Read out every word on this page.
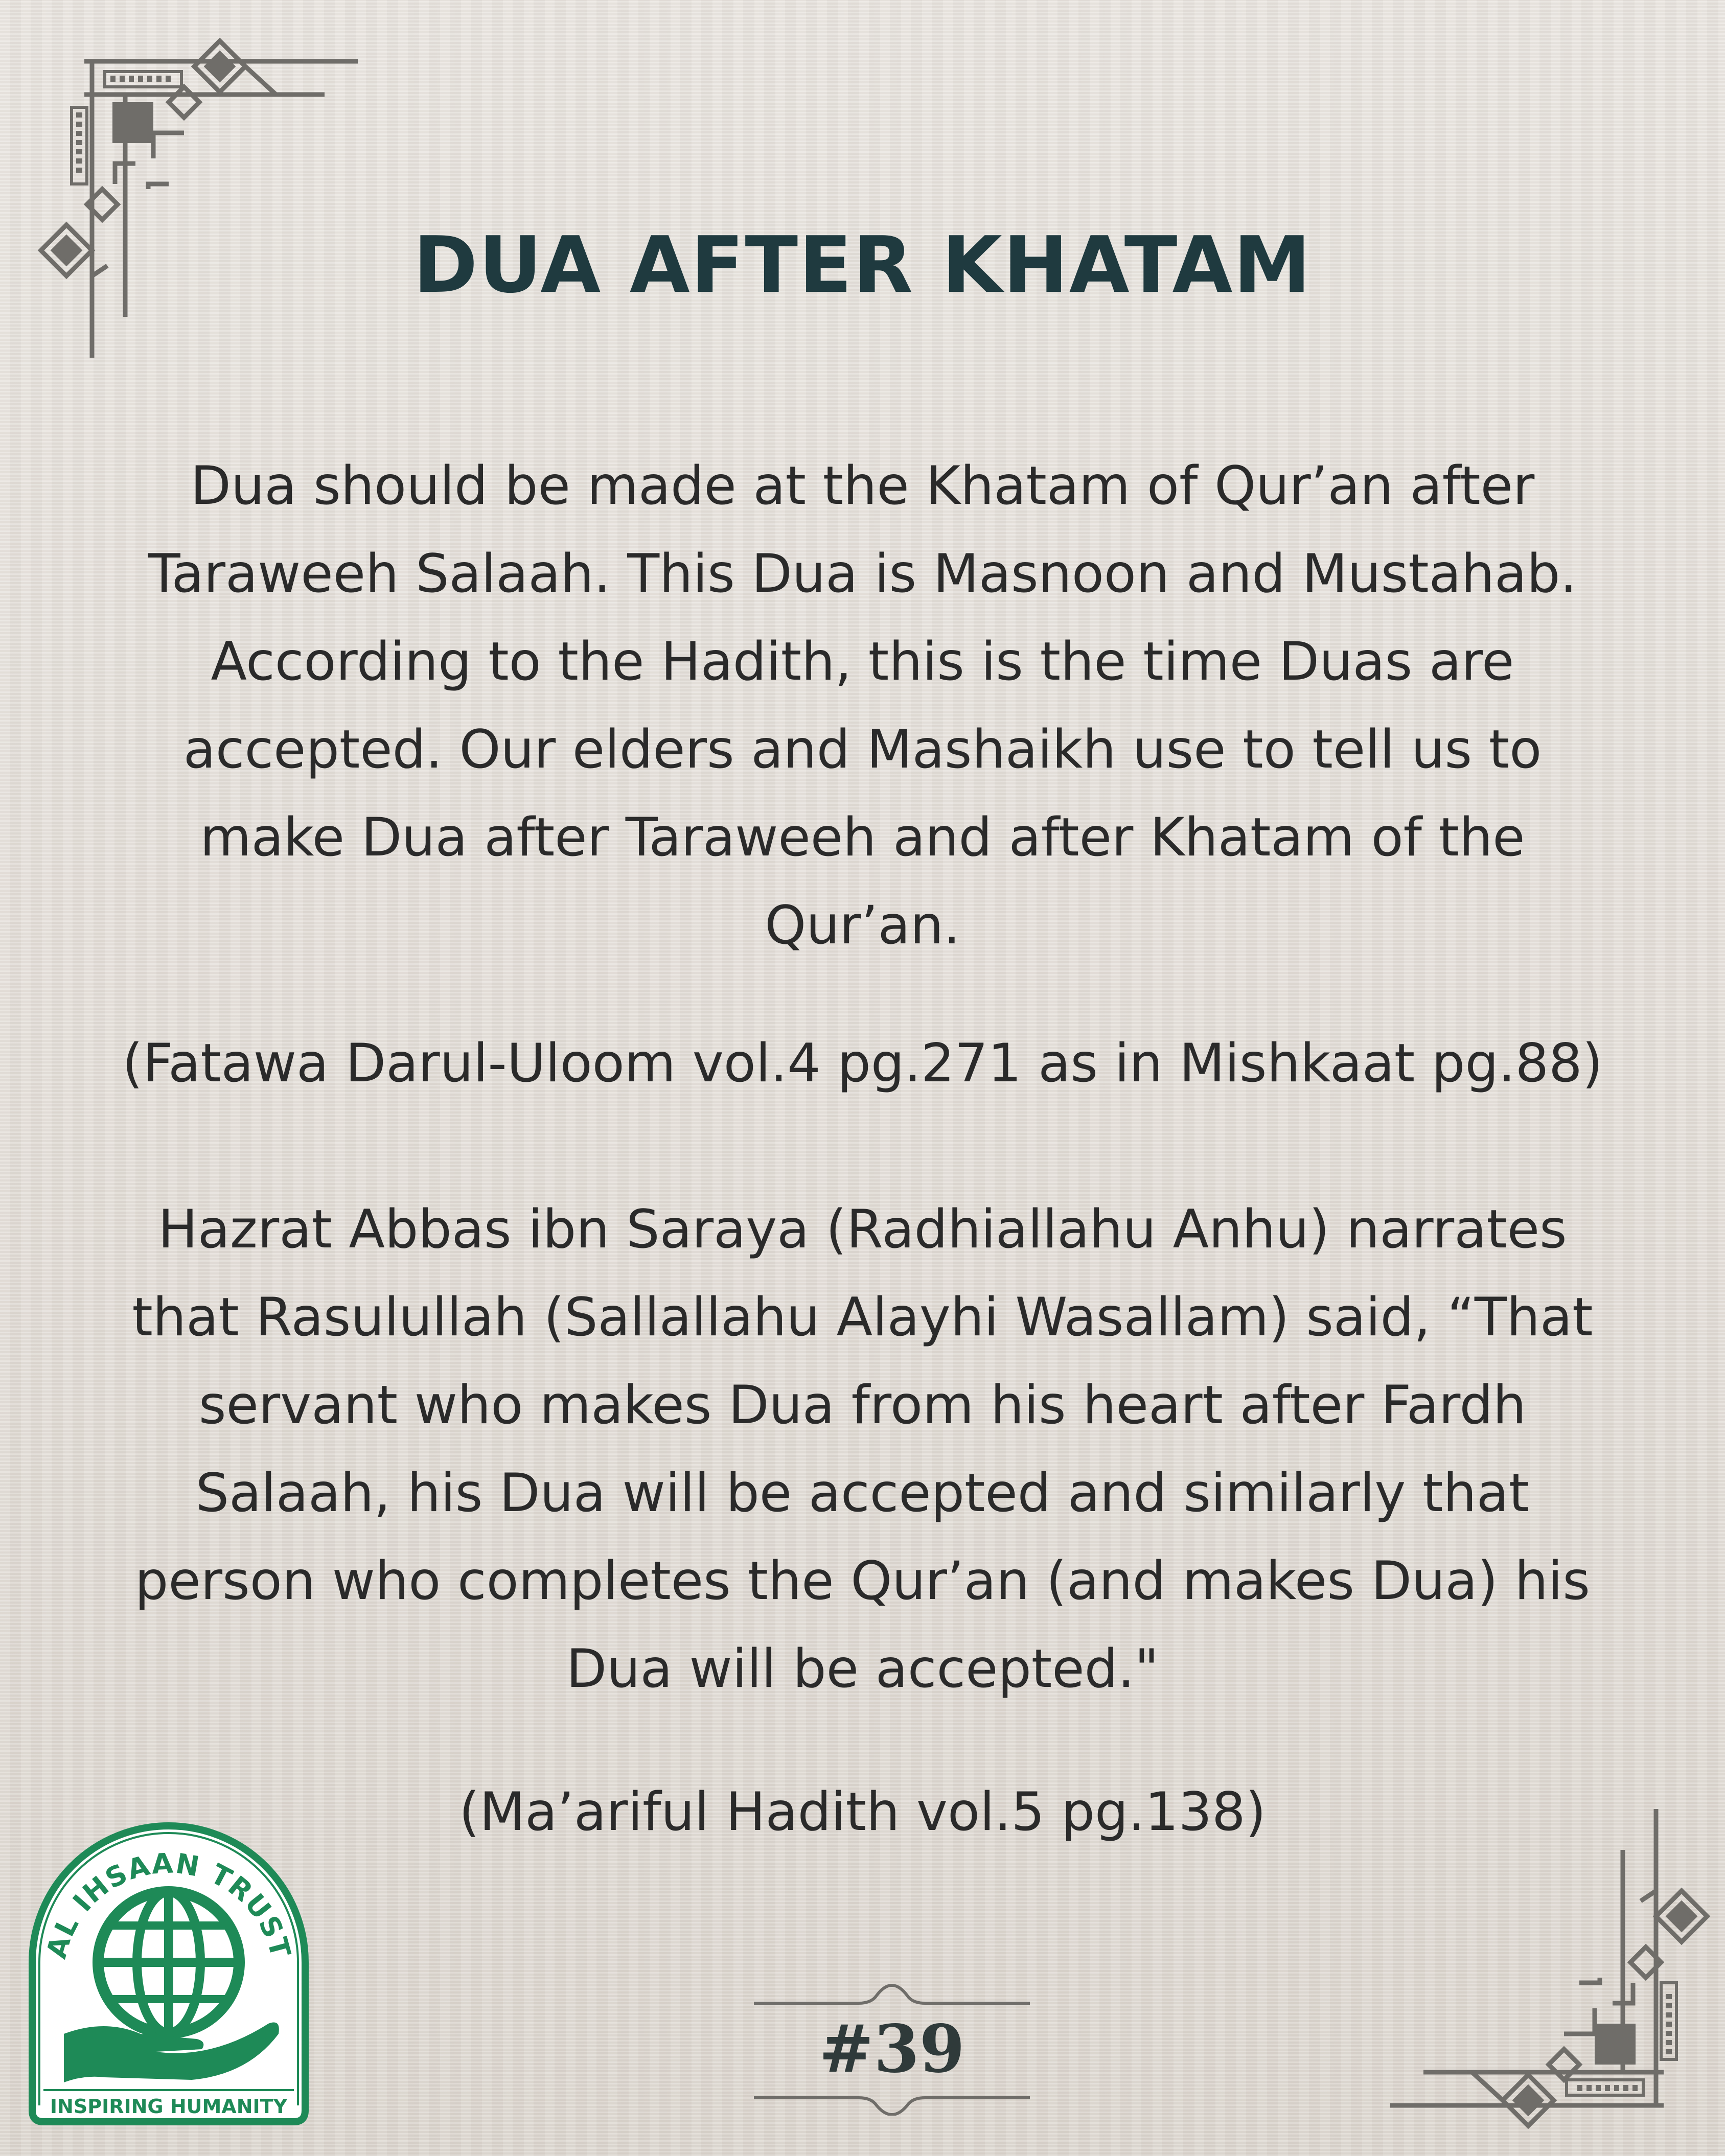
DUA AFTER KHATAM
Dua should be made at the Khatam of Qur’an after
Taraweeh Salaah. This Dua is Masnoon and Mustahab.
According to the Hadith, this is the time Duas are
accepted. Our elders and Mashaikh use to tell us to
make Dua after Taraweeh and after Khatam of the
Qur’an.
(Fatawa Darul-Uloom vol.4 pg.271 as in Mishkaat pg.88)
Hazrat Abbas ibn Saraya (Radhiallahu Anhu) narrates
that Rasulullah (Sallallahu Alayhi Wasallam) said, “That
servant who makes Dua from his heart after Fardh
Salaah, his Dua will be accepted and similarly that
person who completes the Qur’an (and makes Dua) his
Dua will be accepted."
(Ma’ariful Hadith vol.5 pg.138)
#39
AL IHSAAN TRUST
INSPIRING HUMANITY
